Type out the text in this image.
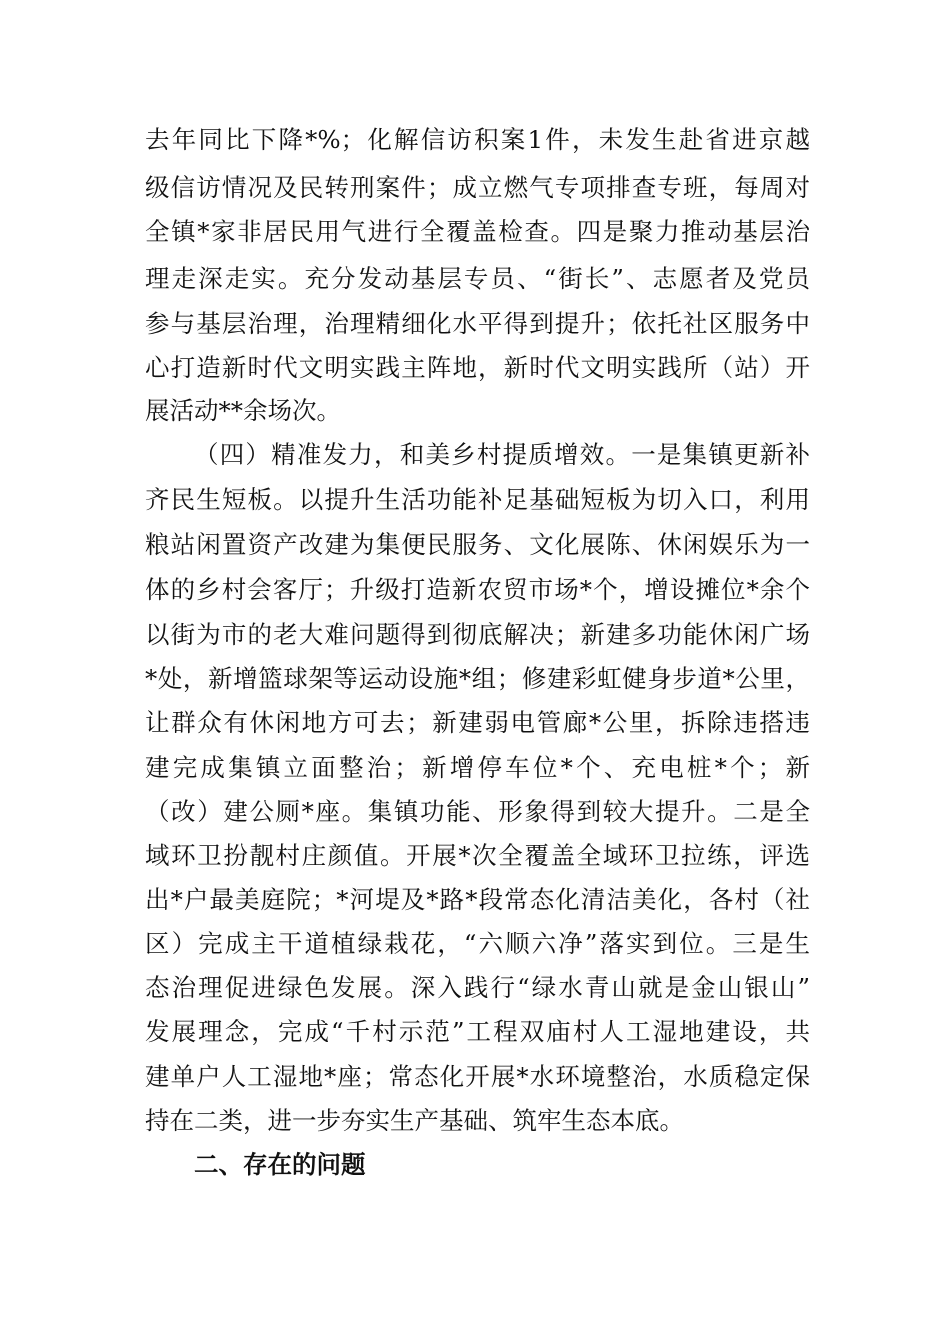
去年同比下降*%；化解信访积案1件，未发生赴省进京越
级信访情况及民转刑案件；成立燃气专项排查专班，每周对
全镇*家非居民用气进行全覆盖检查。四是聚力推动基层治
理走深走实。充分发动基层专员、“街长”、志愿者及党员
参与基层治理，治理精细化水平得到提升；依托社区服务中
心打造新时代文明实践主阵地，新时代文明实践所（站）开
展活动**余场次。
（四）精准发力，和美乡村提质增效。一是集镇更新补
齐民生短板。以提升生活功能补足基础短板为切入口，利用
粮站闲置资产改建为集便民服务、文化展陈、休闲娱乐为一
体的乡村会客厅；升级打造新农贸市场*个，增设摊位*余个
以街为市的老大难问题得到彻底解决；新建多功能休闲广场
*处，新增篮球架等运动设施*组；修建彩虹健身步道*公里，
让群众有休闲地方可去；新建弱电管廊*公里，拆除违搭违
建完成集镇立面整治；新增停车位*个、充电桩*个；新
（改）建公厕*座。集镇功能、形象得到较大提升。二是全
域环卫扮靓村庄颜值。开展*次全覆盖全域环卫拉练，评选
出*户最美庭院；*河堤及*路*段常态化清洁美化，各村（社
区）完成主干道植绿栽花，“六顺六净”落实到位。三是生
态治理促进绿色发展。深入践行“绿水青山就是金山银山”
发展理念，完成“千村示范”工程双庙村人工湿地建设，共
建单户人工湿地*座；常态化开展*水环境整治，水质稳定保
持在二类，进一步夯实生产基础、筑牢生态本底。
二、存在的问题
